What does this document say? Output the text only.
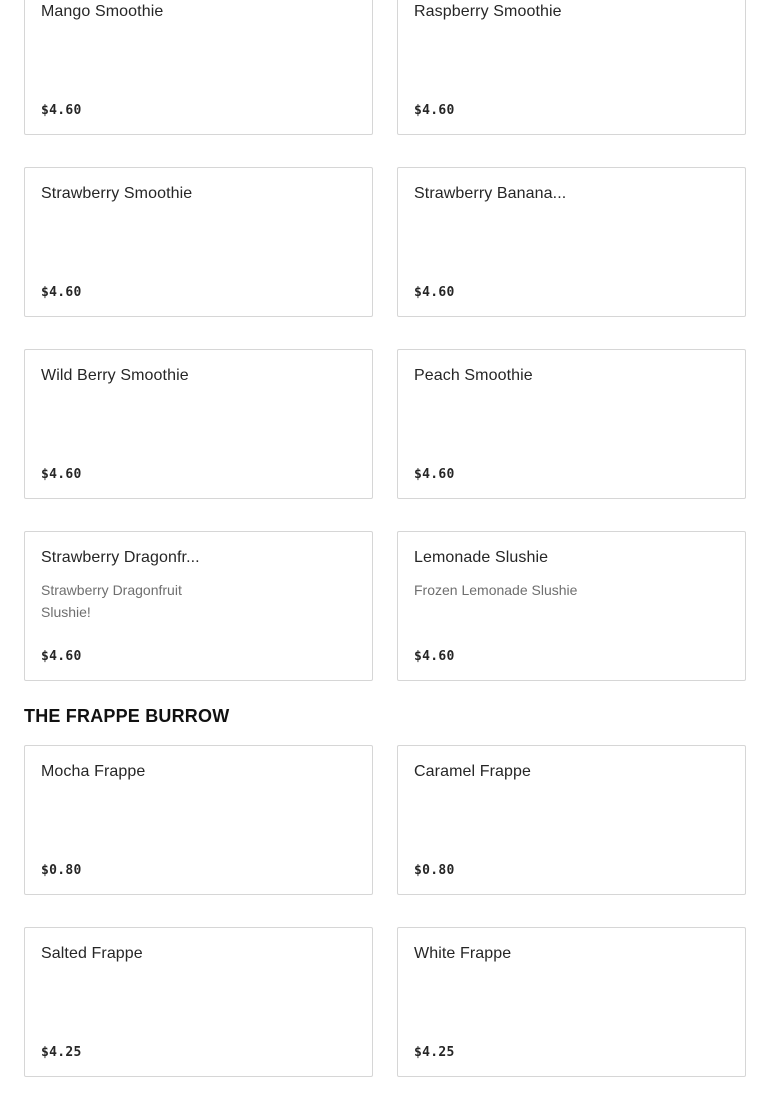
Mango Smoothie
$4.60
Raspberry Smoothie
$4.60
Strawberry Smoothie
$4.60
Strawberry Banana...
$4.60
Wild Berry Smoothie
$4.60
Peach Smoothie
$4.60
Strawberry Dragonfr...
Strawberry Dragonfruit Slushie!
$4.60
Lemonade Slushie
Frozen Lemonade Slushie
$4.60
THE FRAPPE BURROW
Mocha Frappe
$0.80
Caramel Frappe
$0.80
Salted Frappe
$4.25
White Frappe
$4.25
